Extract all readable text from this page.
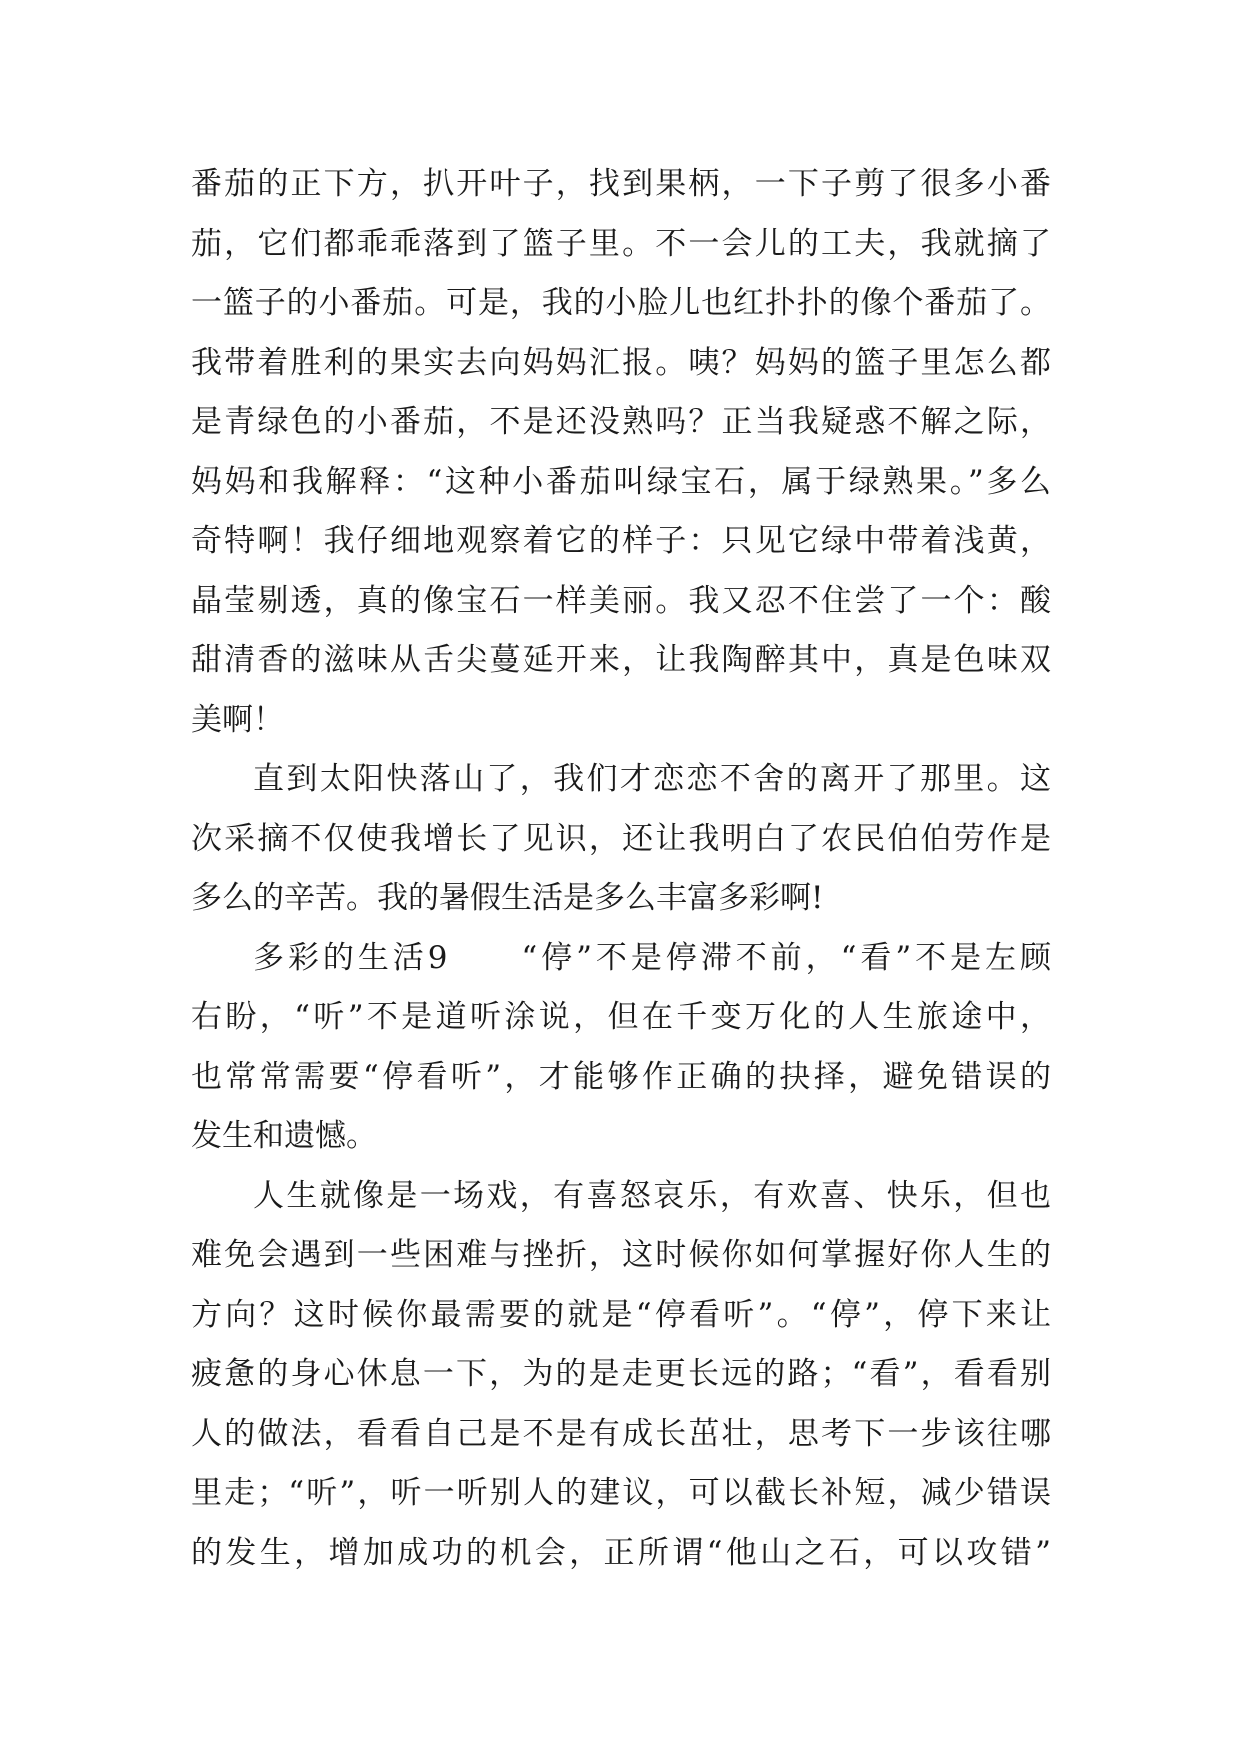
番茄的正下方，扒开叶子，找到果柄，一下子剪了很多小番
茄，它们都乖乖落到了篮子里。不一会儿的工夫，我就摘了
一篮子的小番茄。可是，我的小脸儿也红扑扑的像个番茄了。
我带着胜利的果实去向妈妈汇报。咦？妈妈的篮子里怎么都
是青绿色的小番茄，不是还没熟吗？正当我疑惑不解之际，
妈妈和我解释：“这种小番茄叫绿宝石，属于绿熟果。”多么
奇特啊！我仔细地观察着它的样子：只见它绿中带着浅黄，
晶莹剔透，真的像宝石一样美丽。我又忍不住尝了一个：酸
甜清香的滋味从舌尖蔓延开来，让我陶醉其中，真是色味双
美啊！
直到太阳快落山了，我们才恋恋不舍的离开了那里。这
次采摘不仅使我增长了见识，还让我明白了农民伯伯劳作是
多么的辛苦。我的暑假生活是多么丰富多彩啊!
多彩的生活9　　“停”不是停滞不前，“看”不是左顾
右盼，“听”不是道听涂说，但在千变万化的人生旅途中，
也常常需要“停看听”，才能够作正确的抉择，避免错误的
发生和遗憾。
人生就像是一场戏，有喜怒哀乐，有欢喜、快乐，但也
难免会遇到一些困难与挫折，这时候你如何掌握好你人生的
方向？这时候你最需要的就是“停看听”。“停”，停下来让
疲惫的身心休息一下，为的是走更长远的路；“看”，看看别
人的做法，看看自己是不是有成长茁壮，思考下一步该往哪
里走；“听”，听一听别人的建议，可以截长补短，减少错误
的发生，增加成功的机会，正所谓“他山之石，可以攻错”
